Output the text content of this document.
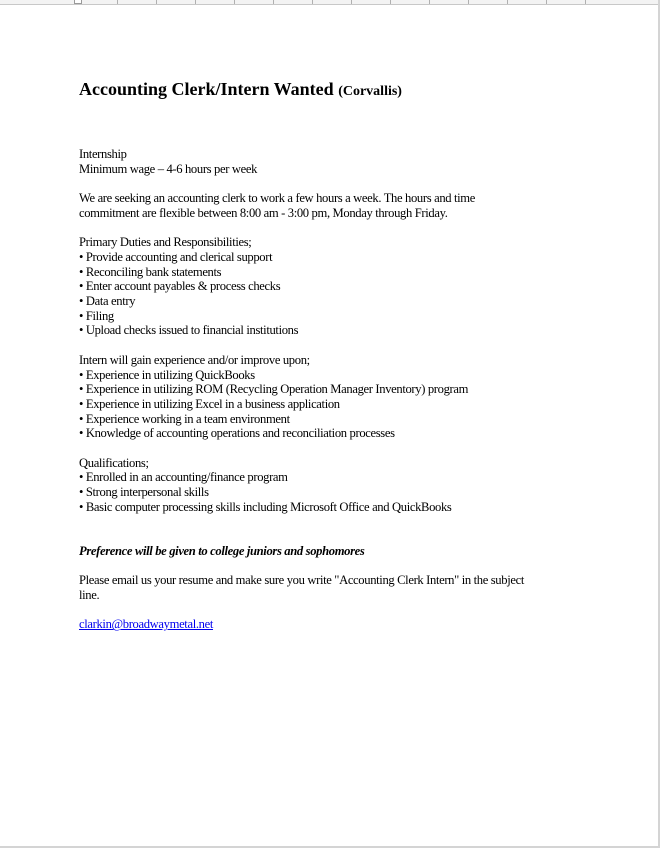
Accounting Clerk/Intern Wanted (Corvallis)
Internship
Minimum wage – 4-6 hours per week
We are seeking an accounting clerk to work a few hours a week. The hours and time
commitment are flexible between 8:00 am - 3:00 pm, Monday through Friday.
Primary Duties and Responsibilities;
• Provide accounting and clerical support
• Reconciling bank statements
• Enter account payables & process checks
• Data entry
• Filing
• Upload checks issued to financial institutions
Intern will gain experience and/or improve upon;
• Experience in utilizing QuickBooks
• Experience in utilizing ROM (Recycling Operation Manager Inventory) program
• Experience in utilizing Excel in a business application
• Experience working in a team environment
• Knowledge of accounting operations and reconciliation processes
Qualifications;
• Enrolled in an accounting/finance program
• Strong interpersonal skills
• Basic computer processing skills including Microsoft Office and QuickBooks
Preference will be given to college juniors and sophomores
Please email us your resume and make sure you write "Accounting Clerk Intern" in the subject
line.
clarkin@broadwaymetal.net
